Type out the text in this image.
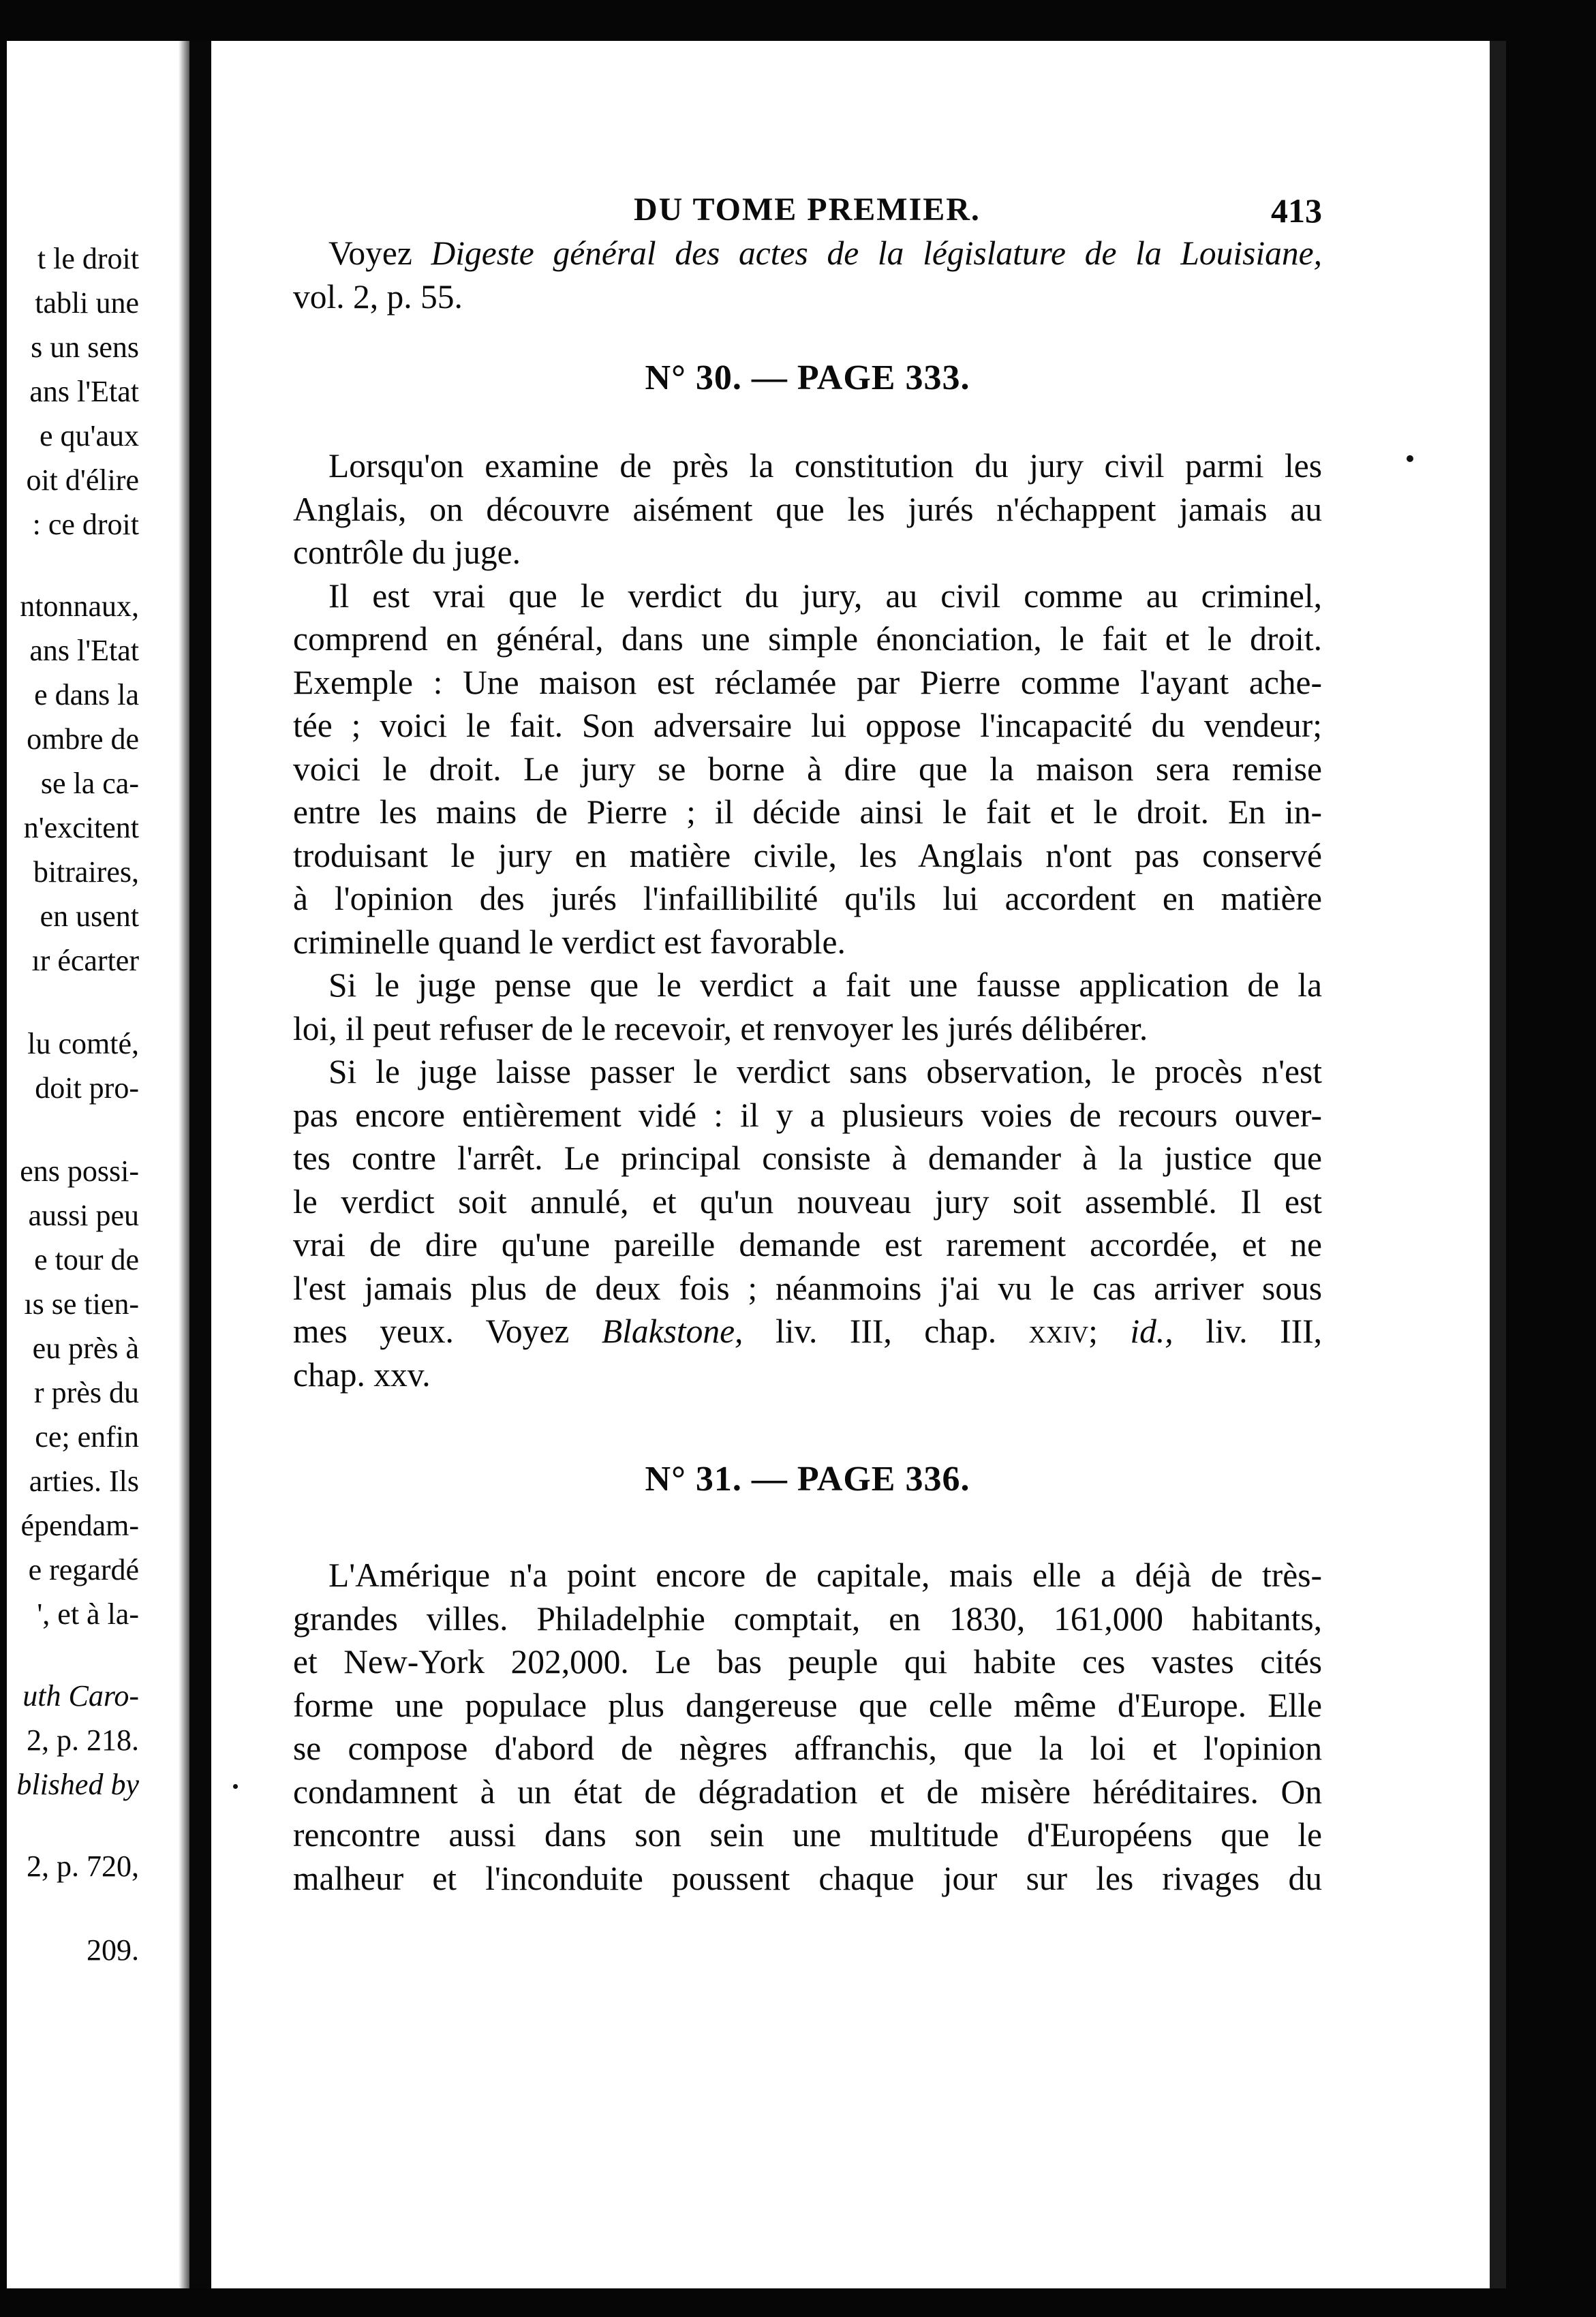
t le droit
tabli une
s un sens
ans l'Etat
e qu'aux
oit d'élire
: ce droit
ntonnaux,
ans l'Etat
e dans la
ombre de
se la ca-
n'excitent
bitraires,
en usent
ır écarter
lu comté,
doit pro-
ens possi-
aussi peu
e tour de
ıs se tien-
eu près à
r près du
ce; enfin
arties. Ils
épendam-
e regardé
', et à la-
uth Caro-
2, p. 218.
blished by
2, p. 720,
209.
DU TOME PREMIER.	413

Voyez Digeste général des actes de la législature de la Louisiane,
vol. 2, p. 55.

N° 30. — PAGE 333.

Lorsqu'on examine de près la constitution du jury civil parmi les
Anglais, on découvre aisément que les jurés n'échappent jamais au
contrôle du juge.

Il est vrai que le verdict du jury, au civil comme au criminel,
comprend en général, dans une simple énonciation, le fait et le droit.
Exemple : Une maison est réclamée par Pierre comme l'ayant ache-
tée ; voici le fait. Son adversaire lui oppose l'incapacité du vendeur;
voici le droit. Le jury se borne à dire que la maison sera remise
entre les mains de Pierre ; il décide ainsi le fait et le droit. En in-
troduisant le jury en matière civile, les Anglais n'ont pas conservé
à l'opinion des jurés l'infaillibilité qu'ils lui accordent en matière
criminelle quand le verdict est favorable.

Si le juge pense que le verdict a fait une fausse application de la
loi, il peut refuser de le recevoir, et renvoyer les jurés délibérer.

Si le juge laisse passer le verdict sans observation, le procès n'est
pas encore entièrement vidé : il y a plusieurs voies de recours ouver-
tes contre l'arrêt. Le principal consiste à demander à la justice que
le verdict soit annulé, et qu'un nouveau jury soit assemblé. Il est
vrai de dire qu'une pareille demande est rarement accordée, et ne
l'est jamais plus de deux fois ; néanmoins j'ai vu le cas arriver sous
mes yeux. Voyez Blakstone, liv. III, chap. xxiv; id., liv. III,
chap. xxv.

N° 31. — PAGE 336.

L'Amérique n'a point encore de capitale, mais elle a déjà de très-
grandes villes. Philadelphie comptait, en 1830, 161,000 habitants,
et New-York 202,000. Le bas peuple qui habite ces vastes cités
forme une populace plus dangereuse que celle même d'Europe. Elle
se compose d'abord de nègres affranchis, que la loi et l'opinion
condamnent à un état de dégradation et de misère héréditaires. On
rencontre aussi dans son sein une multitude d'Européens que le
malheur et l'inconduite poussent chaque jour sur les rivages du
